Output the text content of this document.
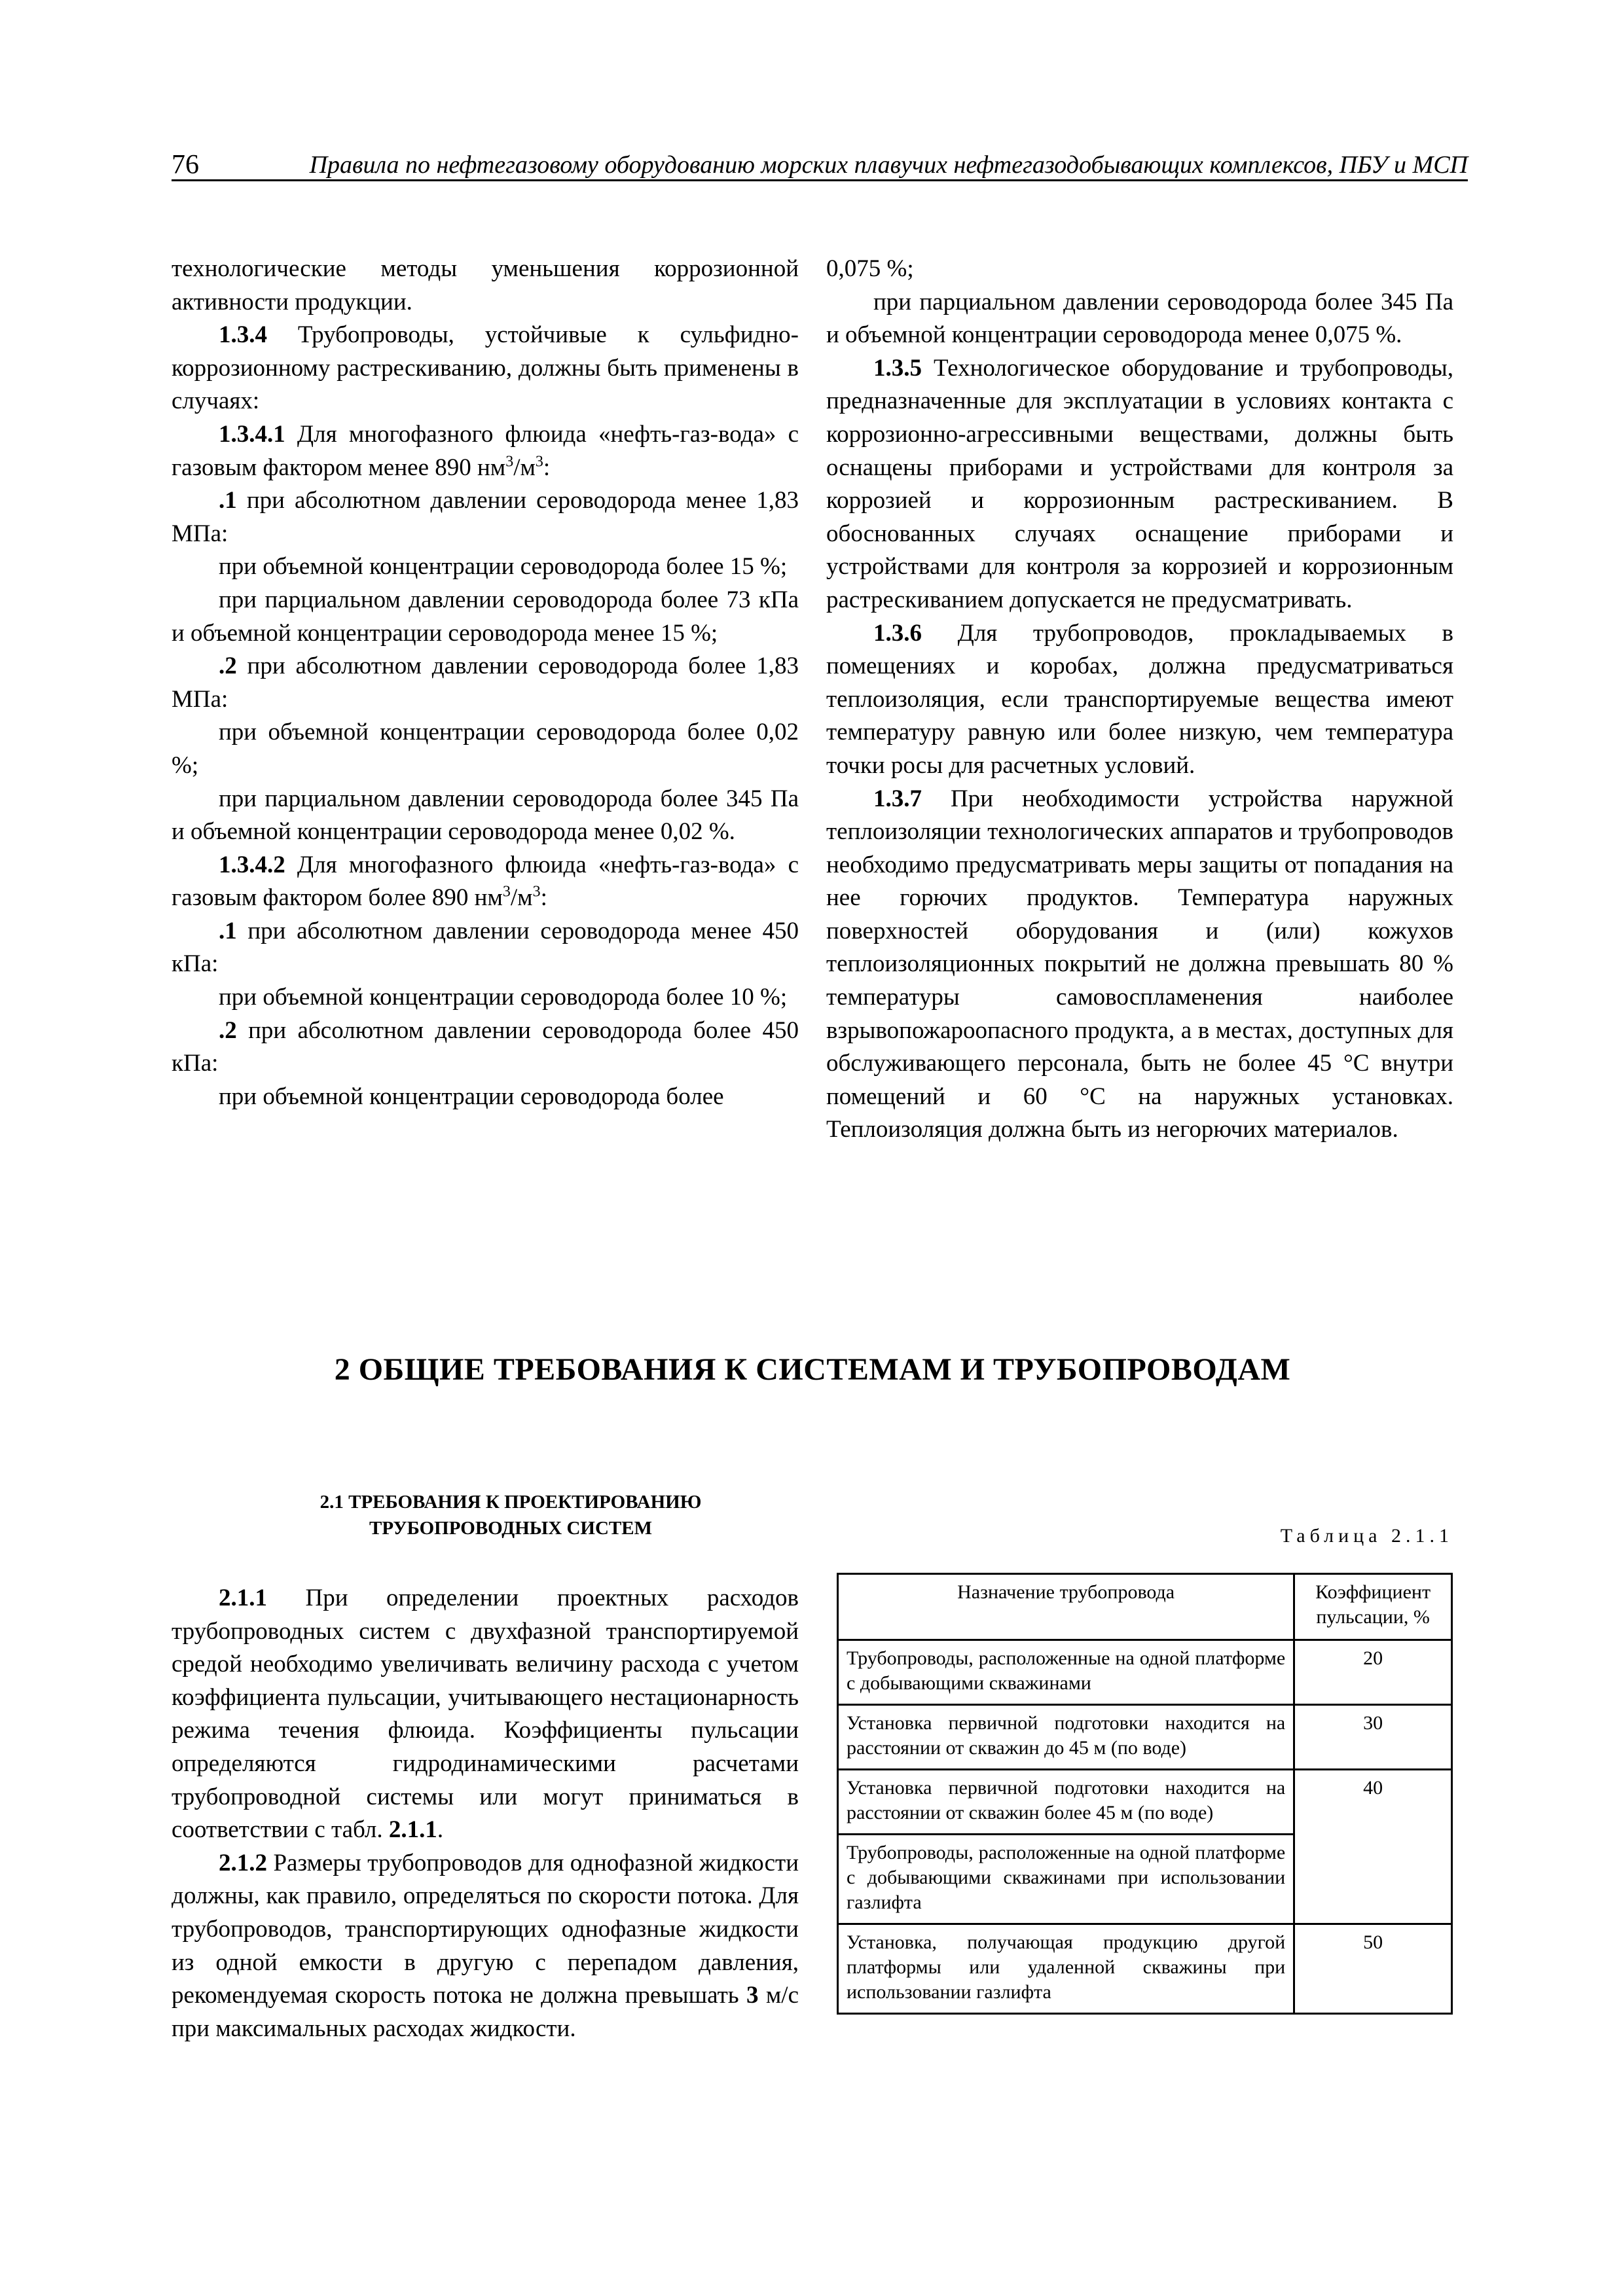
76	Правила по нефтегазовому оборудованию морских плавучих нефтегазодобывающих комплексов, ПБУ и МСП

технологические методы уменьшения коррозионной активности продукции.

1.3.4 Трубопроводы, устойчивые к сульфидно-коррозионному растрескиванию, должны быть применены в случаях:

1.3.4.1 Для многофазного флюида «нефть-газ-вода» с газовым фактором менее 890 $нм^3/м^3$:

.1 при абсолютном давлении сероводорода менее 1,83 МПа:

при объемной концентрации сероводорода более 15 %;

при парциальном давлении сероводорода более 73 кПа и объемной концентрации сероводорода менее 15 %;

.2 при абсолютном давлении сероводорода более 1,83 МПа:

при объемной концентрации сероводорода более 0,02 %;

при парциальном давлении сероводорода более 345 Па и объемной концентрации сероводорода менее 0,02 %.

1.3.4.2 Для многофазного флюида «нефть-газ-вода» с газовым фактором более 890 $нм^3/м^3$:

.1 при абсолютном давлении сероводорода менее 450 кПа:

при объемной концентрации сероводорода более 10 %;

.2 при абсолютном давлении сероводорода более 450 кПа:

при объемной концентрации сероводорода более

0,075 %;

при парциальном давлении сероводорода более 345 Па и объемной концентрации сероводорода менее 0,075 %.

1.3.5 Технологическое оборудование и трубопроводы, предназначенные для эксплуатации в условиях контакта с коррозионно-агрессивными веществами, должны быть оснащены приборами и устройствами для контроля за коррозией и коррозионным растрескиванием. В обоснованных случаях оснащение приборами и устройствами для контроля за коррозией и коррозионным растрескиванием допускается не предусматривать.

1.3.6 Для трубопроводов, прокладываемых в помещениях и коробах, должна предусматриваться теплоизоляция, если транспортируемые вещества имеют температуру равную или более низкую, чем температура точки росы для расчетных условий.

1.3.7 При необходимости устройства наружной теплоизоляции технологических аппаратов и трубопроводов необходимо предусматривать меры защиты от попадания на нее горючих продуктов. Температура наружных поверхностей оборудования и (или) кожухов теплоизоляционных покрытий не должна превышать 80 % температуры самовоспламенения наиболее взрывопожароопасного продукта, а в местах, доступных для обслуживающего персонала, быть не более 45 °С внутри помещений и 60 °С на наружных установках. Теплоизоляция должна быть из негорючих материалов.

2 ОБЩИЕ ТРЕБОВАНИЯ К СИСТЕМАМ И ТРУБОПРОВОДАМ
2.1 ТРЕБОВАНИЯ К ПРОЕКТИРОВАНИЮ
ТРУБОПРОВОДНЫХ СИСТЕМ	Таблица 2.1.1

2.1.1 При определении проектных расходов трубопроводных систем с двухфазной транспортируемой средой необходимо увеличивать величину расхода с учетом коэффициента пульсации, учитывающего нестационарность режима течения флюида. Коэффициенты пульсации определяются гидродинамическими расчетами трубопроводной системы или могут приниматься в соответствии с табл. 2.1.1.

2.1.2 Размеры трубопроводов для однофазной жидкости должны, как правило, определяться по скорости потока. Для трубопроводов, транспортирующих однофазные жидкости из одной емкости в другую с перепадом давления, рекомендуемая скорость потока не должна превышать 3 м/с при максимальных расходах жидкости.

Назначение трубопровода	Коэффициент пульсации, %
Трубопроводы, расположенные на одной платформе с добывающими скважинами	20
Установка первичной подготовки находится на расстоянии от скважин до 45 м (по воде)	30
Установка первичной подготовки находится на расстоянии от скважин более 45 м (по воде)	40
Трубопроводы, расположенные на одной платформе с добывающими скважинами при использовании газлифта	
Установка, получающая продукцию другой платформы или удаленной скважины при использовании газлифта	50
